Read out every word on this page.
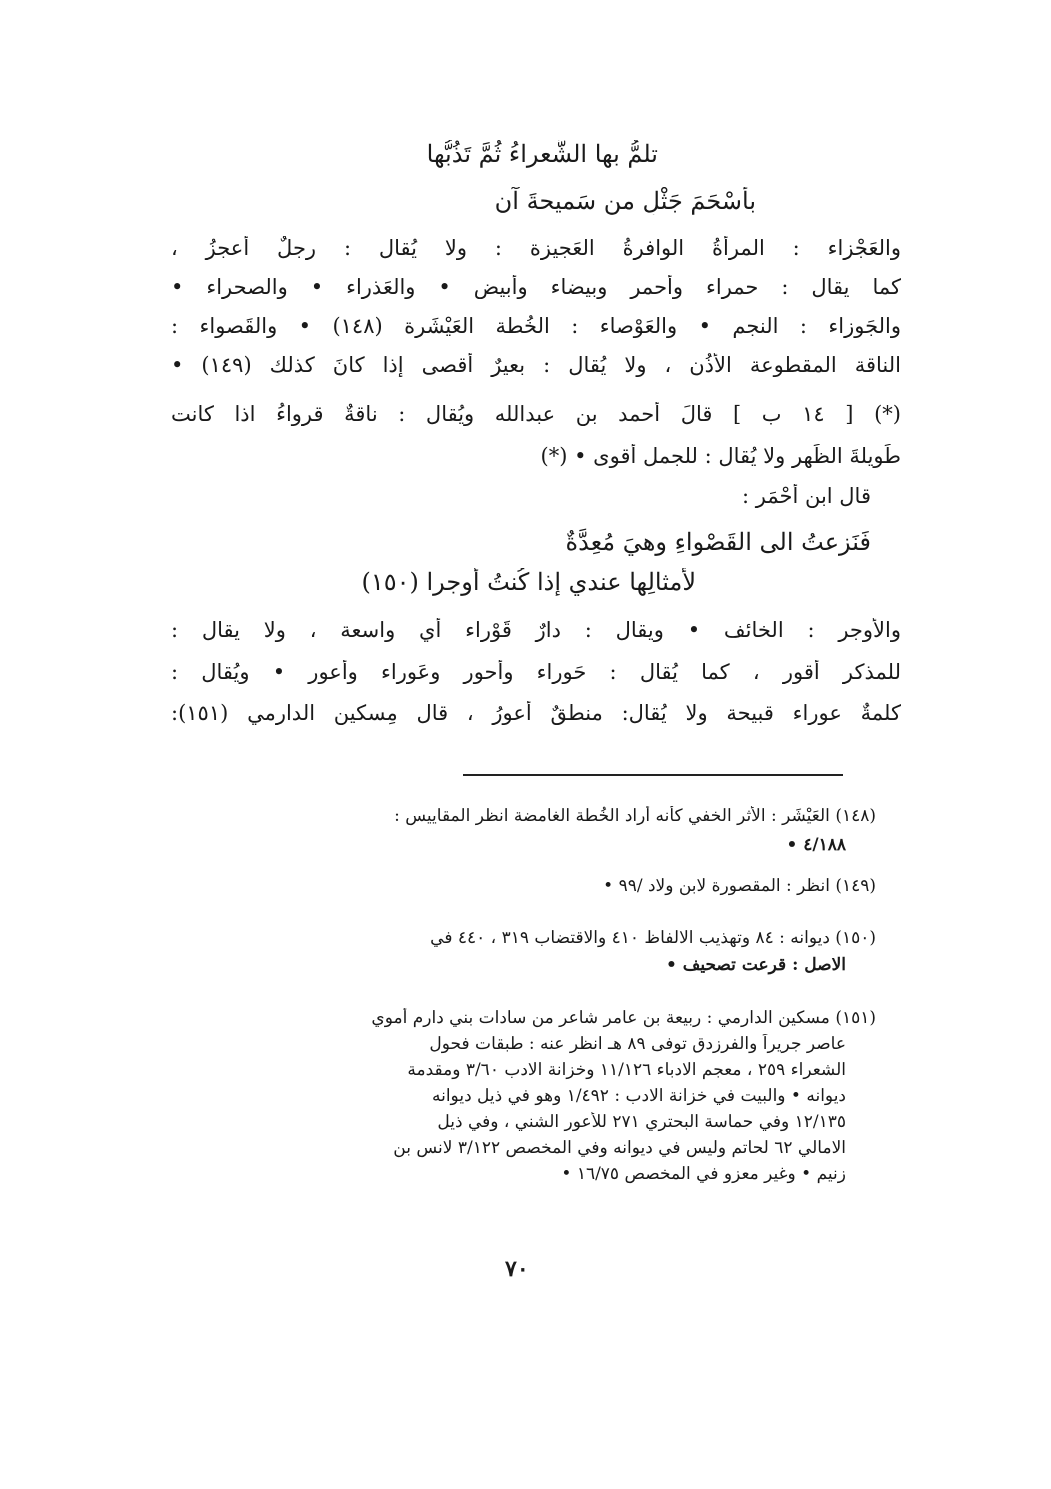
تلمُّ بها الشَّعراءُ ثُمَّ تَذُبُّها
بأَسْحَمَ جَثْلٍ من سَميحةَ آنِ
والعَجْزاء : المرأةُ الوافرةُ العَجيزة : ولا يُقال : رجلٌ أعجزُ ،
كما يقال : حمراء وأحمر وبيضاء وأبيض • والعَذراء • والصحراء •
والجَوزاء : النجم • والعَوْصاء : الخُطة العَيْشَرة (١٤٨) • والقَصواء :
الناقة المقطوعة الأُذُن ، ولا يُقال : بعيرٌ أقصى إذا كانَ كذلك (١٤٩) •
(*) [ ١٤ ب ] قالَ أحمد بن عبدالله ويُقال : ناقةٌ قرواءُ اذا كانت
طَويلةَ الظَهر ولا يُقال : للجمل أقوى • (*)
قال ابن أَحْمَر :
فَنَزِعتُ الى القَصْواءِ وهيَ مُعِدَّةٌ
لأمثالِها عندي إذا كُنتُ أَوجرا (١٥٠)
والأوجر : الخائف • ويقال : دارٌ قَوْراء أي واسعة ، ولا يقال :
للمذكر أَقور ، كما يُقال : حَوراء وأحور وعَوراء وأعور • ويُقال :
كلمةٌ عوراء قبيحة ولا يُقال: منطقٌ أعورُ ، قال مِسكين الدارمي (١٥١):
(١٤٨) العَيْشَر : الأثر الخفي كأنه أراد الخُطة الغامضة انظر المقاييس :
٤/١٨٨ •
(١٤٩) انظر : المقصورة لابن ولاد /٩٩ •
(١٥٠) ديوانه : ٨٤ وتهذيب الالفاظ ٤١٠ والاقتضاب ٣١٩ ، ٤٤٠ في
الاصل : قرعت تصحيف •
(١٥١) مسكين الدارمي : ربيعة بن عامر شاعر من سادات بني دارم أموي
عاصر جريراً والفرزدق توفى ٨٩ هـ انظر عنه : طبقات فحول
الشعراء ٢٥٩ ، معجم الادباء ١١/١٢٦ وخزانة الادب ٣/٦٠ ومقدمة
ديوانه • والبيت في خزانة الادب : ١/٤٩٢ وهو في ذيل ديوانه
١٢/١٣٥ وفي حماسة البحتري ٢٧١ للأعور الشني ، وفي ذيل
الامالي ٦٢ لحاتم وليس في ديوانه وفي المخصص ٣/١٢٢ لانس بن
زنيم • وغير معزو في المخصص ١٦/٧٥ •
٧٠
